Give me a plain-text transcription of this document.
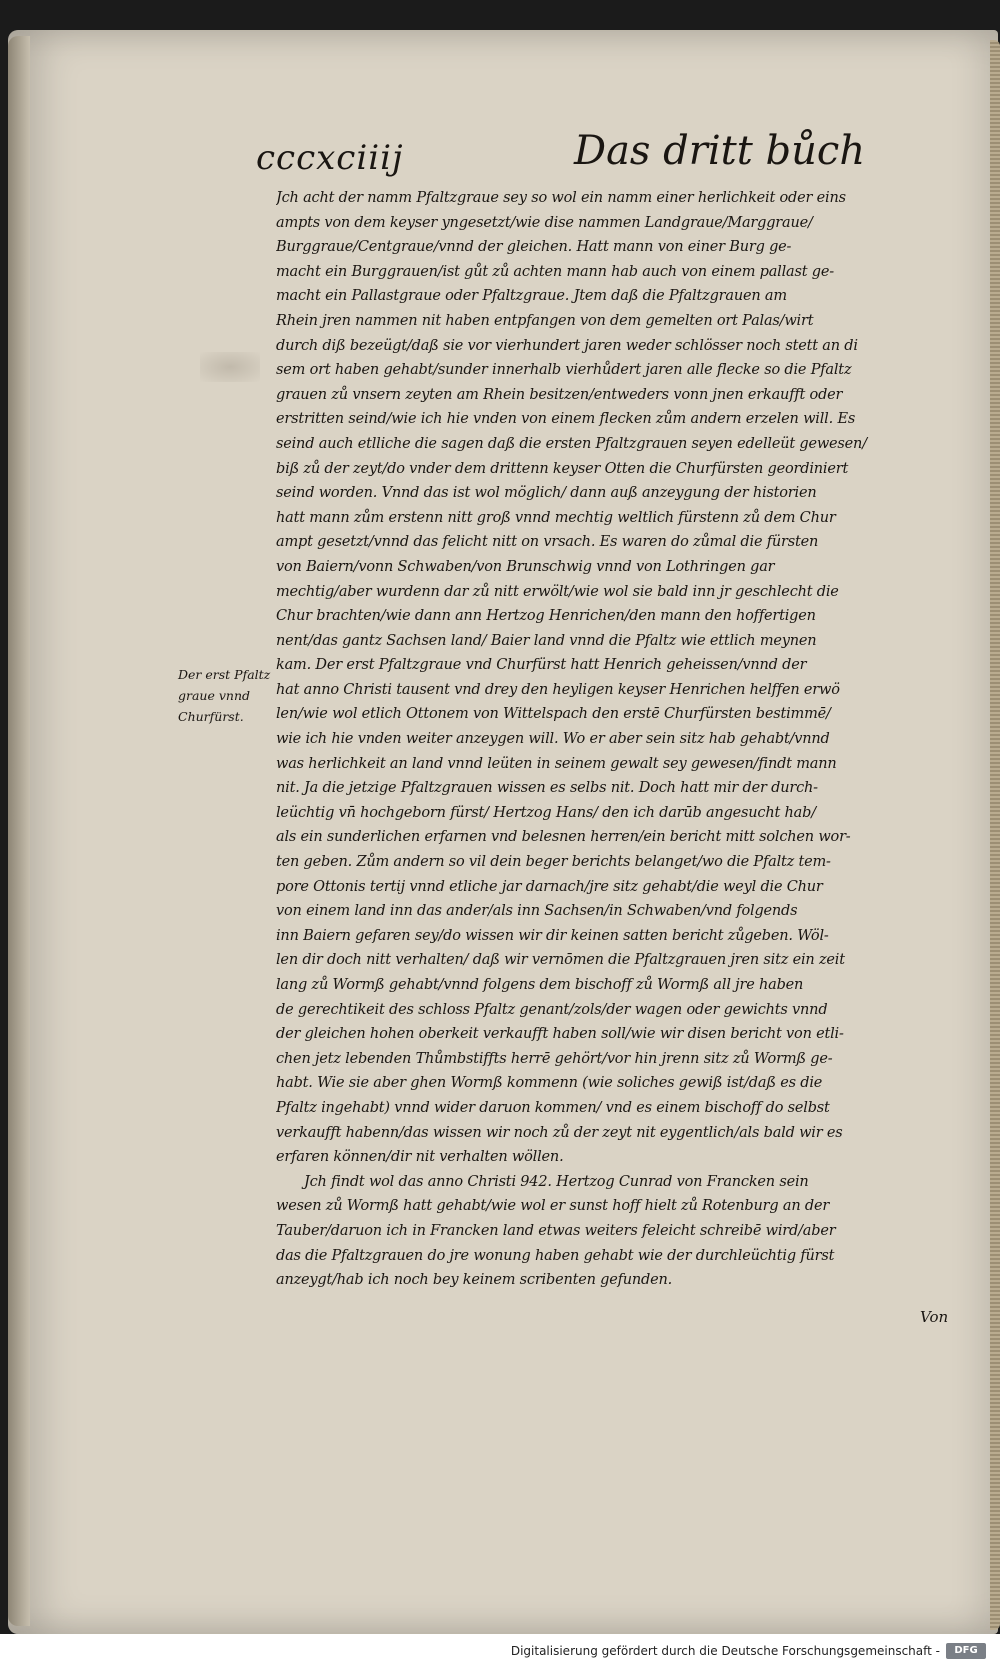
cccxciiij	Das dritt bůch
Der erst Pfaltz
graue vnnd
Churfürst.
Jch acht der namm Pfaltzgraue sey so wol ein namm einer herlichkeit oder eins
ampts von dem keyser yngesetzt/wie dise nammen Landgraue/Marggraue/
Burggraue/Centgraue/vnnd der gleichen. Hatt mann von einer Burg ge-
macht ein Burggrauen/ist gůt zů achten mann hab auch von einem pallast ge-
macht ein Pallastgraue oder Pfaltzgraue. Jtem daß die Pfaltzgrauen am
Rhein jren nammen nit haben entpfangen von dem gemelten ort Palas/wirt
durch diß bezeügt/daß sie vor vierhundert jaren weder schlösser noch stett an di
sem ort haben gehabt/sunder innerhalb vierhůdert jaren alle flecke so die Pfaltz
grauen zů vnsern zeyten am Rhein besitzen/entweders vonn jnen erkaufft oder
erstritten seind/wie ich hie vnden von einem flecken zům andern erzelen will. Es
seind auch etlliche die sagen daß die ersten Pfaltzgrauen seyen edelleüt gewesen/
biß zů der zeyt/do vnder dem drittenn keyser Otten die Churfürsten geordiniert
seind worden. Vnnd das ist wol möglich/ dann auß anzeygung der historien
hatt mann zům erstenn nitt groß vnnd mechtig weltlich fürstenn zů dem Chur
ampt gesetzt/vnnd das felicht nitt on vrsach. Es waren do zůmal die fürsten
von Baiern/vonn Schwaben/von Brunschwig vnnd von Lothringen gar
mechtig/aber wurdenn dar zů nitt erwölt/wie wol sie bald inn jr geschlecht die
Chur brachten/wie dann ann Hertzog Henrichen/den mann den hoffertigen
nent/das gantz Sachsen land/ Baier land vnnd die Pfaltz wie ettlich meynen
kam. Der erst Pfaltzgraue vnd Churfürst hatt Henrich geheissen/vnnd der
hat anno Christi tausent vnd drey den heyligen keyser Henrichen helffen erwö
len/wie wol etlich Ottonem von Wittelspach den erstē Churfürsten bestimmē/
wie ich hie vnden weiter anzeygen will. Wo er aber sein sitz hab gehabt/vnnd
was herlichkeit an land vnnd leüten in seinem gewalt sey gewesen/findt mann
nit. Ja die jetzige Pfaltzgrauen wissen es selbs nit. Doch hatt mir der durch-
leüchtig vn̄ hochgeborn fürst/ Hertzog Hans/ den ich darūb angesucht hab/
als ein sunderlichen erfarnen vnd belesnen herren/ein bericht mitt solchen wor-
ten geben. Zům andern so vil dein beger berichts belanget/wo die Pfaltz tem-
pore Ottonis tertij vnnd etliche jar darnach/jre sitz gehabt/die weyl die Chur
von einem land inn das ander/als inn Sachsen/in Schwaben/vnd folgends
inn Baiern gefaren sey/do wissen wir dir keinen satten bericht zůgeben. Wöl-
len dir doch nitt verhalten/ daß wir vernōmen die Pfaltzgrauen jren sitz ein zeit
lang zů Wormß gehabt/vnnd folgens dem bischoff zů Wormß all jre haben
de gerechtikeit des schloss Pfaltz genant/zols/der wagen oder gewichts vnnd
der gleichen hohen oberkeit verkaufft haben soll/wie wir disen bericht von etli-
chen jetz lebenden Thůmbstiffts herrē gehört/vor hin jrenn sitz zů Wormß ge-
habt. Wie sie aber ghen Wormß kommenn (wie soliches gewiß ist/daß es die
Pfaltz ingehabt) vnnd wider daruon kommen/ vnd es einem bischoff do selbst
verkaufft habenn/das wissen wir noch zů der zeyt nit eygentlich/als bald wir es
erfaren können/dir nit verhalten wöllen.
Jch findt wol das anno Christi 942. Hertzog Cunrad von Francken sein
wesen zů Wormß hatt gehabt/wie wol er sunst hoff hielt zů Rotenburg an der
Tauber/daruon ich in Francken land etwas weiters feleicht schreibē wird/aber
das die Pfaltzgrauen do jre wonung haben gehabt wie der durchleüchtig fürst
anzeygt/hab ich noch bey keinem scribenten gefunden.
Von
Digitalisierung gefördert durch die Deutsche Forschungsgemeinschaft -	DFG
